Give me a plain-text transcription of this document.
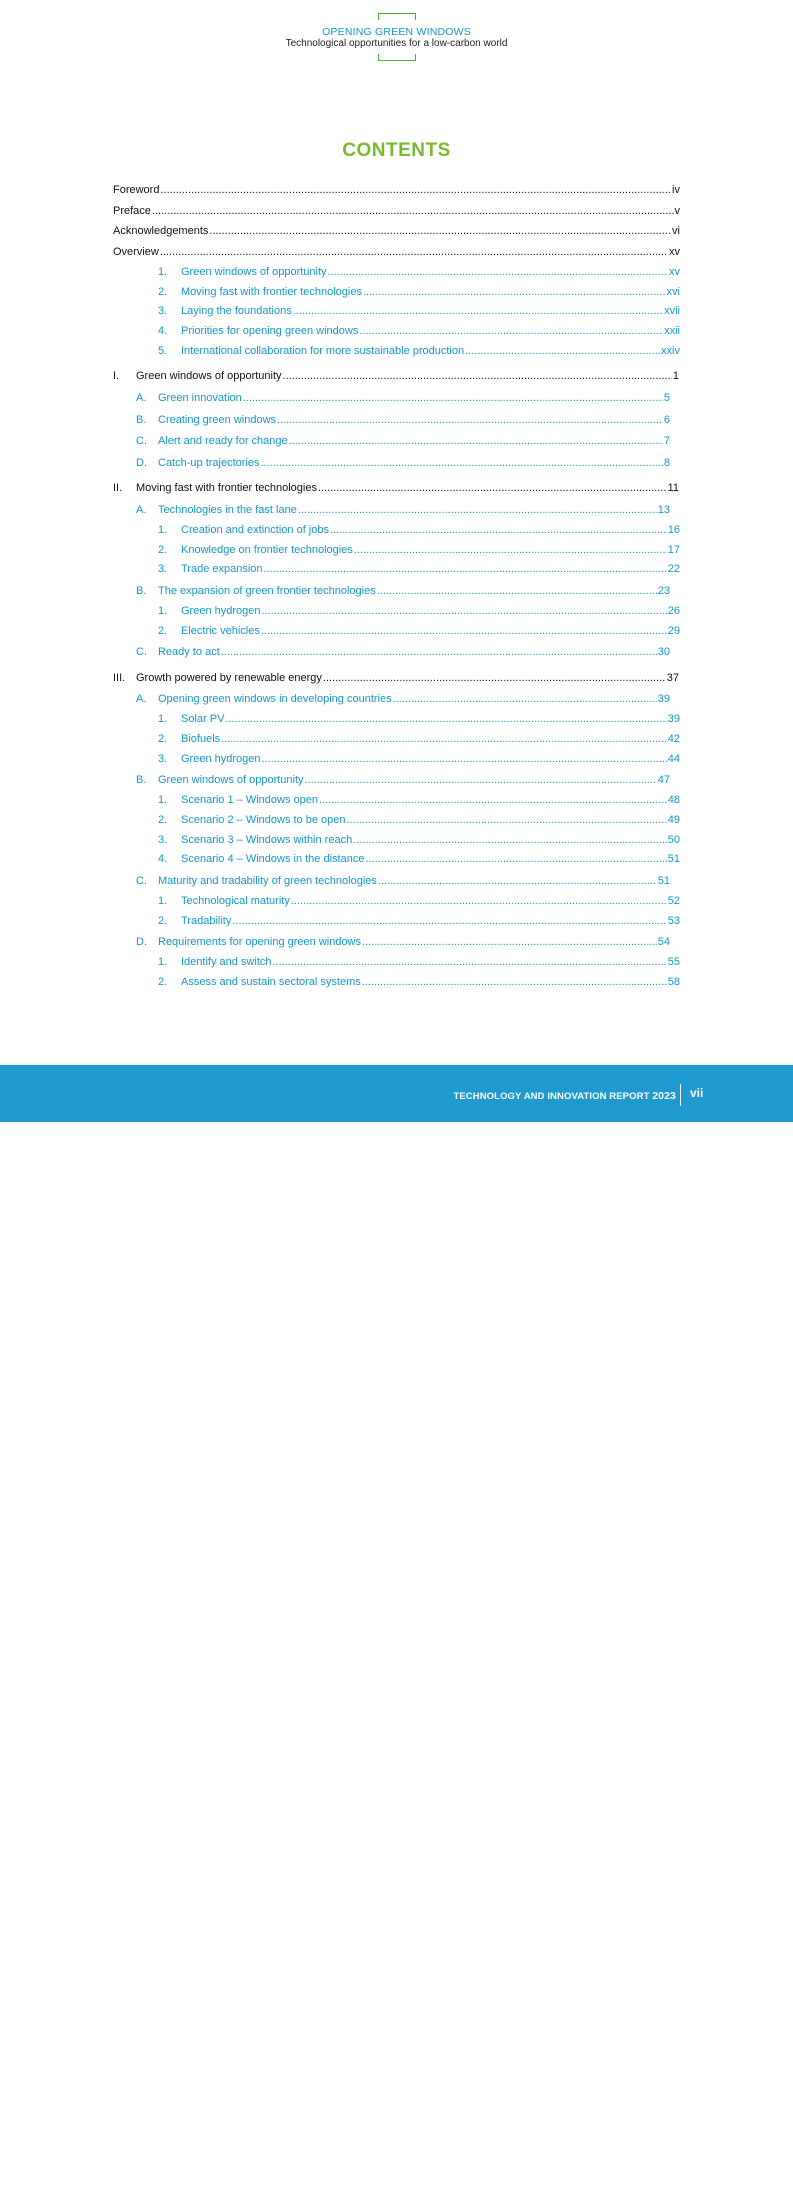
OPENING GREEN WINDOWS
Technological opportunities for a low-carbon world
CONTENTS
Foreword .....	iv
Preface .....	v
Acknowledgements .....	vi
Overview .....	xv
1.	Green windows of opportunity .....	xv
2.	Moving fast with frontier technologies .....	xvi
3.	Laying the foundations .....	xvii
4.	Priorities for opening green windows .....	xxii
5.	International collaboration for more sustainable production .....	xxiv
I.	Green windows of opportunity .....	1
A.	Green innovation .....	5
B.	Creating green windows .....	6
C.	Alert and ready for change .....	7
D.	Catch-up trajectories .....	8
II.	Moving fast with frontier technologies .....	11
A.	Technologies in the fast lane .....	13
1.	Creation and extinction of jobs .....	16
2.	Knowledge on frontier technologies .....	17
3.	Trade expansion .....	22
B.	The expansion of green frontier technologies .....	23
1.	Green hydrogen .....	26
2.	Electric vehicles .....	29
C.	Ready to act .....	30
III. Growth powered by renewable energy .....	37
A.	Opening green windows in developing countries .....	39
1.	Solar PV .....	39
2.	Biofuels .....	42
3.	Green hydrogen .....	44
B.	Green windows of opportunity .....	47
1.	Scenario 1 – Windows open .....	48
2.	Scenario 2 – Windows to be open .....	49
3.	Scenario 3 – Windows within reach .....	50
4.	Scenario 4 – Windows in the distance .....	51
C.	Maturity and tradability of green technologies .....	51
1.	Technological maturity .....	52
2.	Tradability .....	53
D.	Requirements for opening green windows .....	54
1.	Identify and switch .....	55
2.	Assess and sustain sectoral systems .....	58
大数跨境
TECHNOLOGY AND INNOVATION REPORT 2023 vii
